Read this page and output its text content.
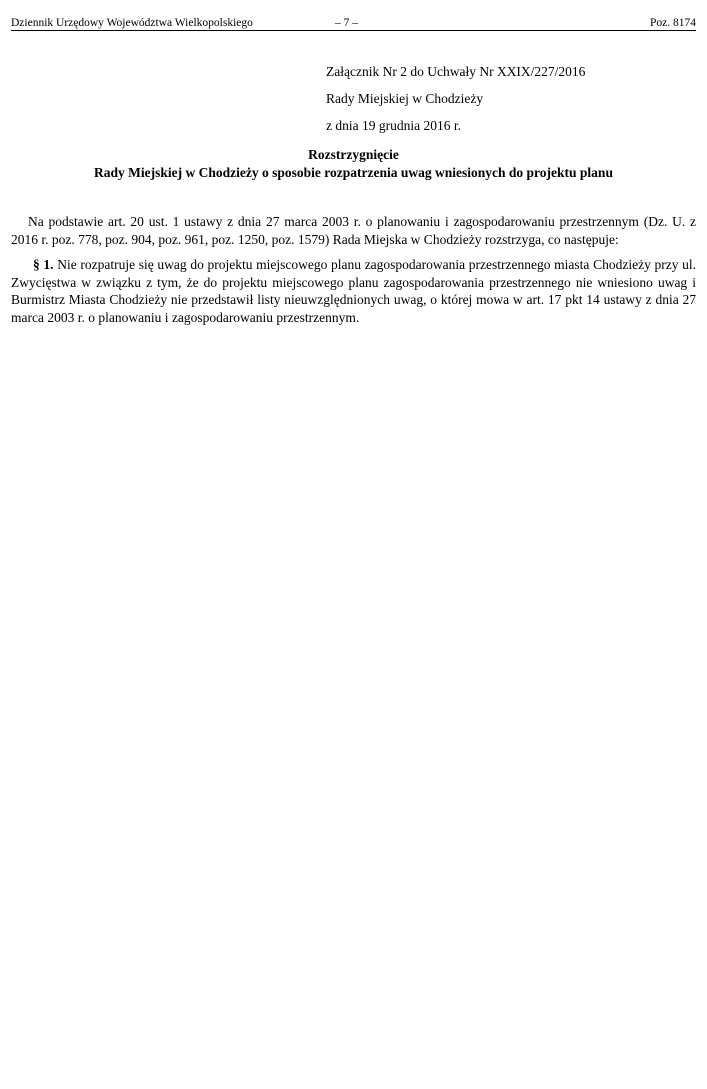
Dziennik Urzędowy Województwa Wielkopolskiego	– 7 –	Poz. 8174
Załącznik Nr 2 do Uchwały Nr XXIX/227/2016
Rady Miejskiej w Chodzieży
z dnia 19 grudnia 2016 r.
Rozstrzygnięcie
Rady Miejskiej w Chodzieży o sposobie rozpatrzenia uwag wniesionych do projektu planu

Na podstawie art. 20 ust. 1 ustawy z dnia 27 marca 2003 r. o planowaniu i zagospodarowaniu przestrzennym (Dz. U. z 2016 r. poz. 778, poz. 904, poz. 961, poz. 1250, poz. 1579) Rada Miejska w Chodzieży rozstrzyga, co następuje:

§ 1. Nie rozpatruje się uwag do projektu miejscowego planu zagospodarowania przestrzennego miasta Chodzieży przy ul. Zwycięstwa w związku z tym, że do projektu miejscowego planu zagospodarowania przestrzennego nie wniesiono uwag i Burmistrz Miasta Chodzieży nie przedstawił listy nieuwzględnionych uwag, o której mowa w art. 17 pkt 14 ustawy z dnia 27 marca 2003 r. o planowaniu i zagospodarowaniu przestrzennym.
